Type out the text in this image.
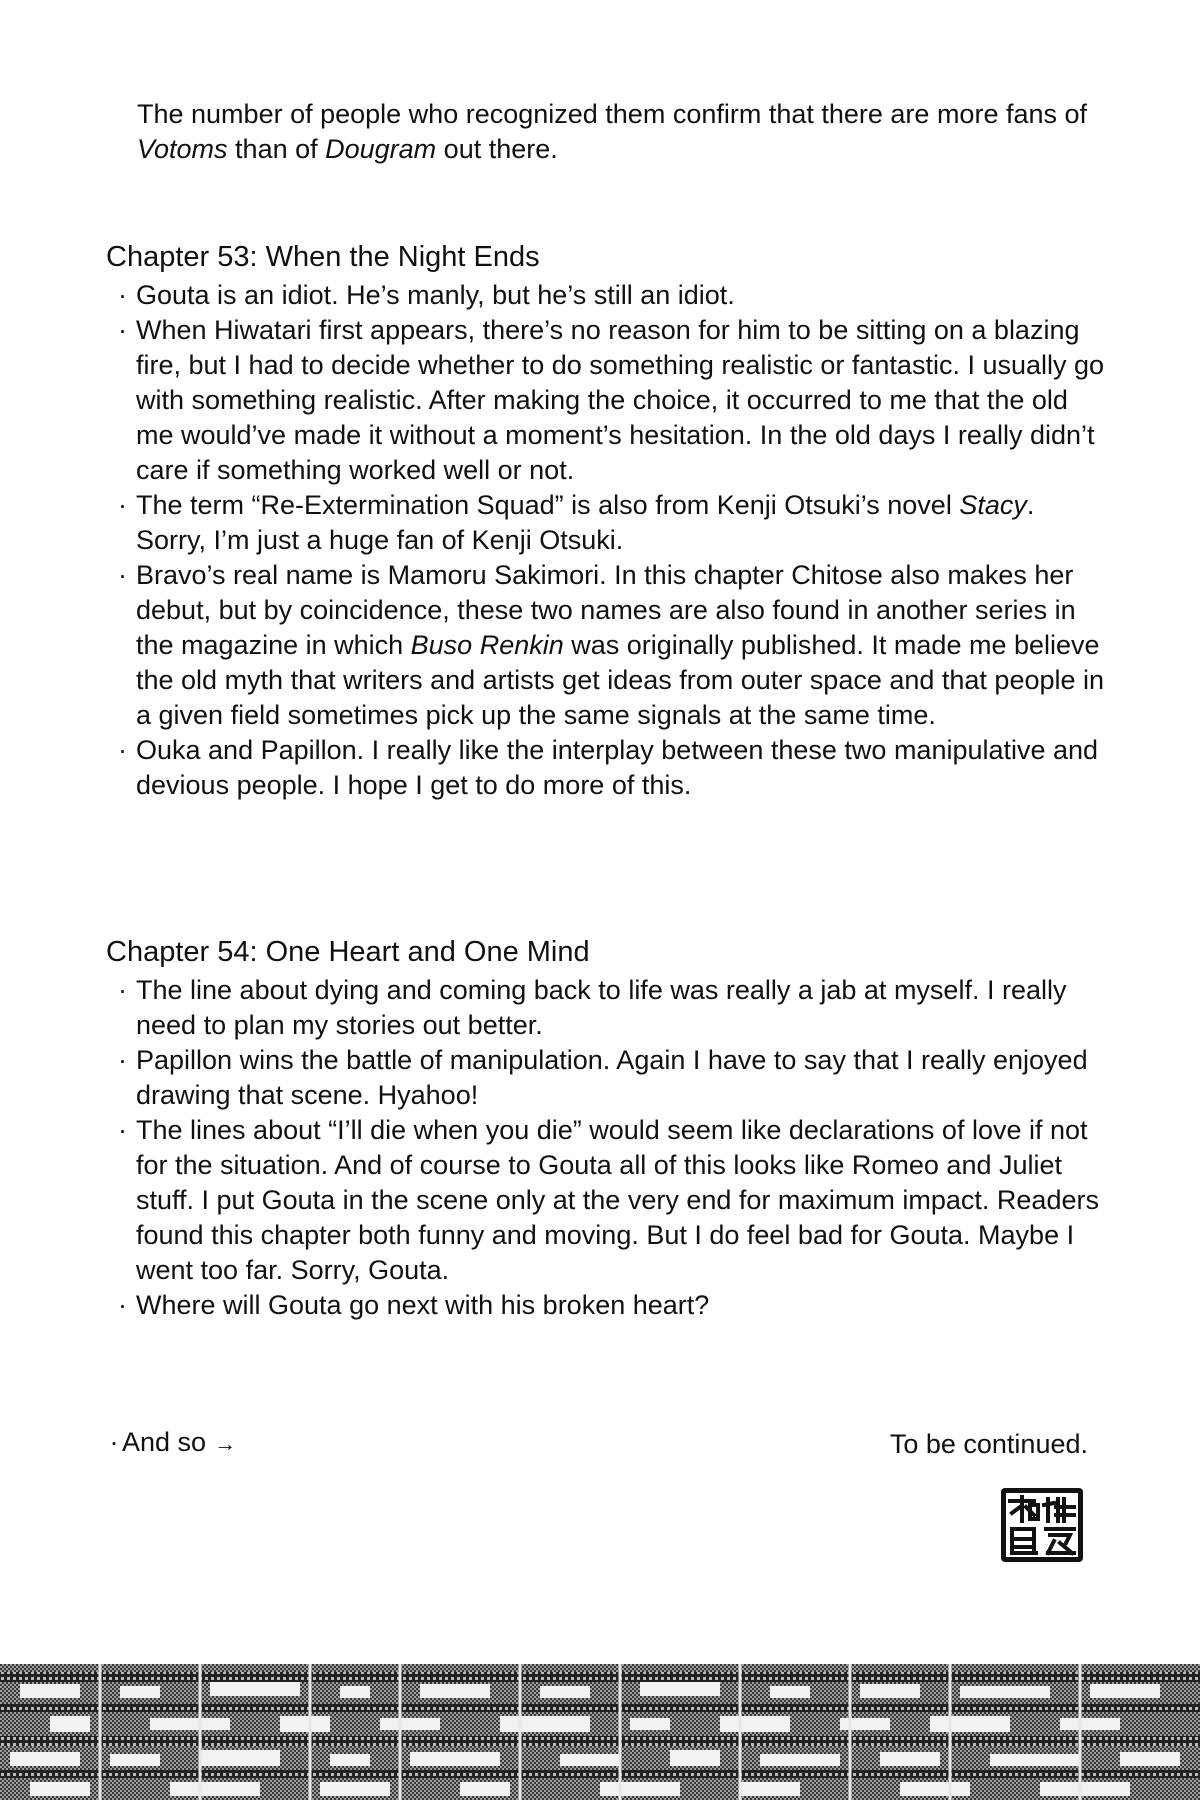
The number of people who recognized them confirm that there are more fans of
Votoms than of Dougram out there.

Chapter 53: When the Night Ends
· Gouta is an idiot. He’s manly, but he’s still an idiot.
· When Hiwatari first appears, there’s no reason for him to be sitting on a blazing fire, but I had to decide whether to do something realistic or fantastic. I usually go with something realistic. After making the choice, it occurred to me that the old me would’ve made it without a moment’s hesitation. In the old days I really didn’t care if something worked well or not.
· The term “Re-Extermination Squad” is also from Kenji Otsuki’s novel Stacy. Sorry, I’m just a huge fan of Kenji Otsuki.
· Bravo’s real name is Mamoru Sakimori. In this chapter Chitose also makes her debut, but by coincidence, these two names are also found in another series in the magazine in which Buso Renkin was originally published. It made me believe the old myth that writers and artists get ideas from outer space and that people in a given field sometimes pick up the same signals at the same time.
· Ouka and Papillon. I really like the interplay between these two manipulative and devious people. I hope I get to do more of this.
Chapter 54: One Heart and One Mind
· The line about dying and coming back to life was really a jab at myself. I really need to plan my stories out better.
· Papillon wins the battle of manipulation. Again I have to say that I really enjoyed drawing that scene. Hyahoo!
· The lines about “I’ll die when you die” would seem like declarations of love if not for the situation. And of course to Gouta all of this looks like Romeo and Juliet stuff. I put Gouta in the scene only at the very end for maximum impact. Readers found this chapter both funny and moving. But I do feel bad for Gouta. Maybe I went too far. Sorry, Gouta.
· Where will Gouta go next with his broken heart?
· And so →	To be continued.
